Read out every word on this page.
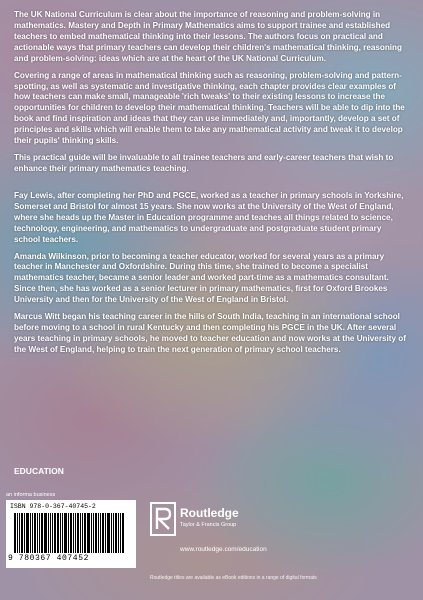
The UK National Curriculum is clear about the importance of reasoning and problem-solving in mathematics. Mastery and Depth in Primary Mathematics aims to support trainee and established teachers to embed mathematical thinking into their lessons. The authors focus on practical and actionable ways that primary teachers can develop their children's mathematical thinking, reasoning and problem-solving: ideas which are at the heart of the UK National Curriculum.

Covering a range of areas in mathematical thinking such as reasoning, problem-solving and pattern-spotting, as well as systematic and investigative thinking, each chapter provides clear examples of how teachers can make small, manageable 'rich tweaks' to their existing lessons to increase the opportunities for children to develop their mathematical thinking. Teachers will be able to dip into the book and find inspiration and ideas that they can use immediately and, importantly, develop a set of principles and skills which will enable them to take any mathematical activity and tweak it to develop their pupils' thinking skills.

This practical guide will be invaluable to all trainee teachers and early-career teachers that wish to enhance their primary mathematics teaching.

Fay Lewis, after completing her PhD and PGCE, worked as a teacher in primary schools in Yorkshire, Somerset and Bristol for almost 15 years. She now works at the University of the West of England, where she heads up the Master in Education programme and teaches all things related to science, technology, engineering, and mathematics to undergraduate and postgraduate student primary school teachers.

Amanda Wilkinson, prior to becoming a teacher educator, worked for several years as a primary teacher in Manchester and Oxfordshire. During this time, she trained to become a specialist mathematics teacher, became a senior leader and worked part-time as a mathematics consultant. Since then, she has worked as a senior lecturer in primary mathematics, first for Oxford Brookes University and then for the University of the West of England in Bristol.

Marcus Witt began his teaching career in the hills of South India, teaching in an international school before moving to a school in rural Kentucky and then completing his PGCE in the UK. After several years teaching in primary schools, he moved to teacher education and now works at the University of the West of England, helping to train the next generation of primary school teachers.

EDUCATION
an informa business
ISBN 978-0-367-40745-2
9 780367 407452
Routledge
Taylor & Francis Group
www.routledge.com/education
Routledge titles are available as eBook editions in a range of digital formats
